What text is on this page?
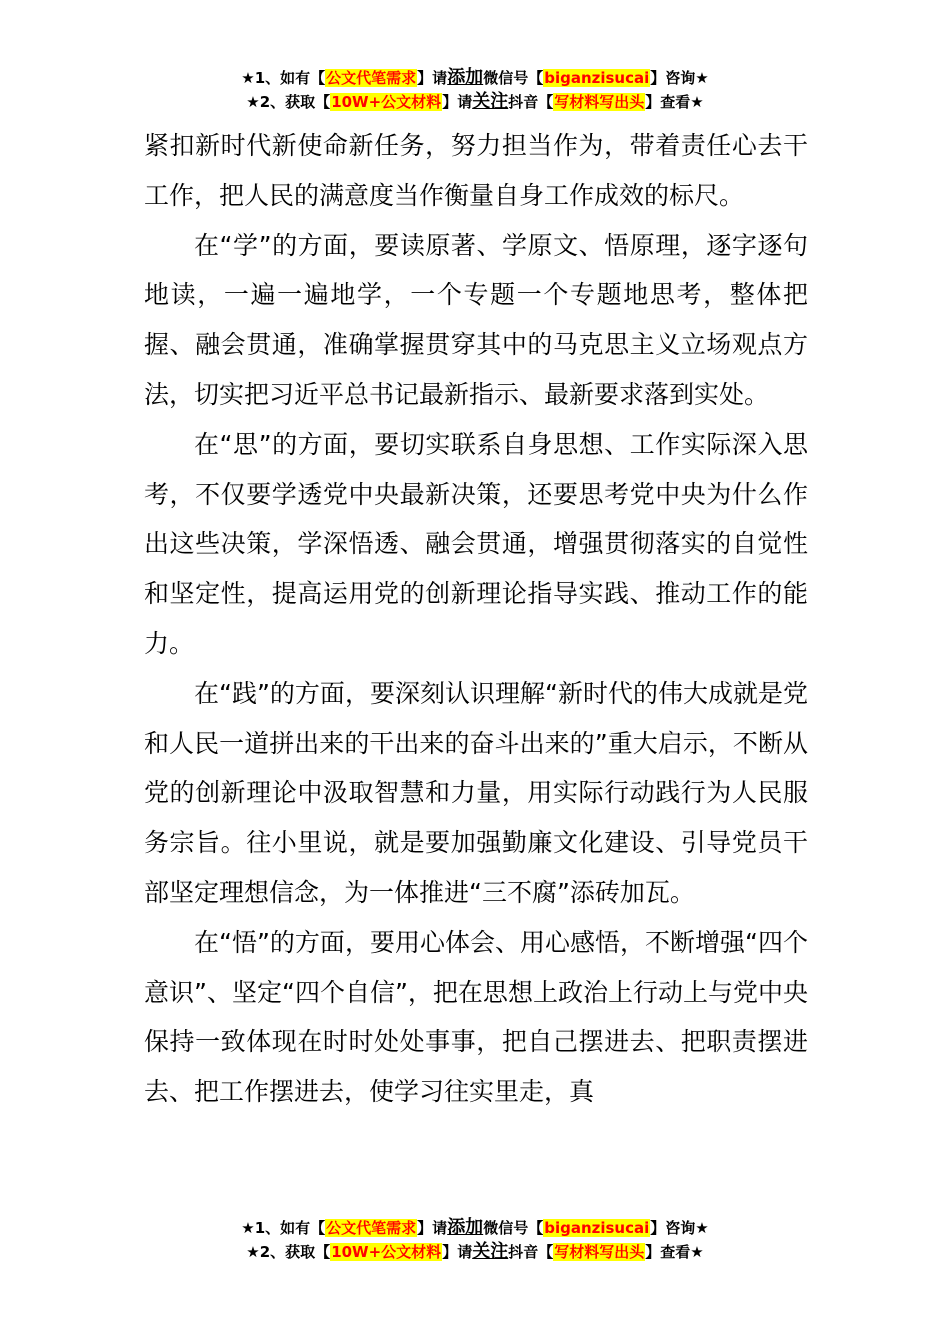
★1、如有【公文代笔需求】请添加微信号【biganzisucai】咨询★
★2、获取【10W+公文材料】请关注抖音【写材料写出头】查看★

紧扣新时代新使命新任务，努力担当作为，带着责任心去干工作，把人民的满意度当作衡量自身工作成效的标尺。

在“学”的方面，要读原著、学原文、悟原理，逐字逐句地读，一遍一遍地学，一个专题一个专题地思考，整体把握、融会贯通，准确掌握贯穿其中的马克思主义立场观点方法，切实把习近平总书记最新指示、最新要求落到实处。

在“思”的方面，要切实联系自身思想、工作实际深入思考，不仅要学透党中央最新决策，还要思考党中央为什么作出这些决策，学深悟透、融会贯通，增强贯彻落实的自觉性和坚定性，提高运用党的创新理论指导实践、推动工作的能力。

在“践”的方面，要深刻认识理解“新时代的伟大成就是党和人民一道拼出来的干出来的奋斗出来的”重大启示，不断从党的创新理论中汲取智慧和力量，用实际行动践行为人民服务宗旨。往小里说，就是要加强勤廉文化建设、引导党员干部坚定理想信念，为一体推进“三不腐”添砖加瓦。

在“悟”的方面，要用心体会、用心感悟，不断增强“四个意识”、坚定“四个自信”，把在思想上政治上行动上与党中央保持一致体现在时时处处事事，把自己摆进去、把职责摆进去、把工作摆进去，使学习往实里走，真

★1、如有【公文代笔需求】请添加微信号【biganzisucai】咨询★
★2、获取【10W+公文材料】请关注抖音【写材料写出头】查看★
